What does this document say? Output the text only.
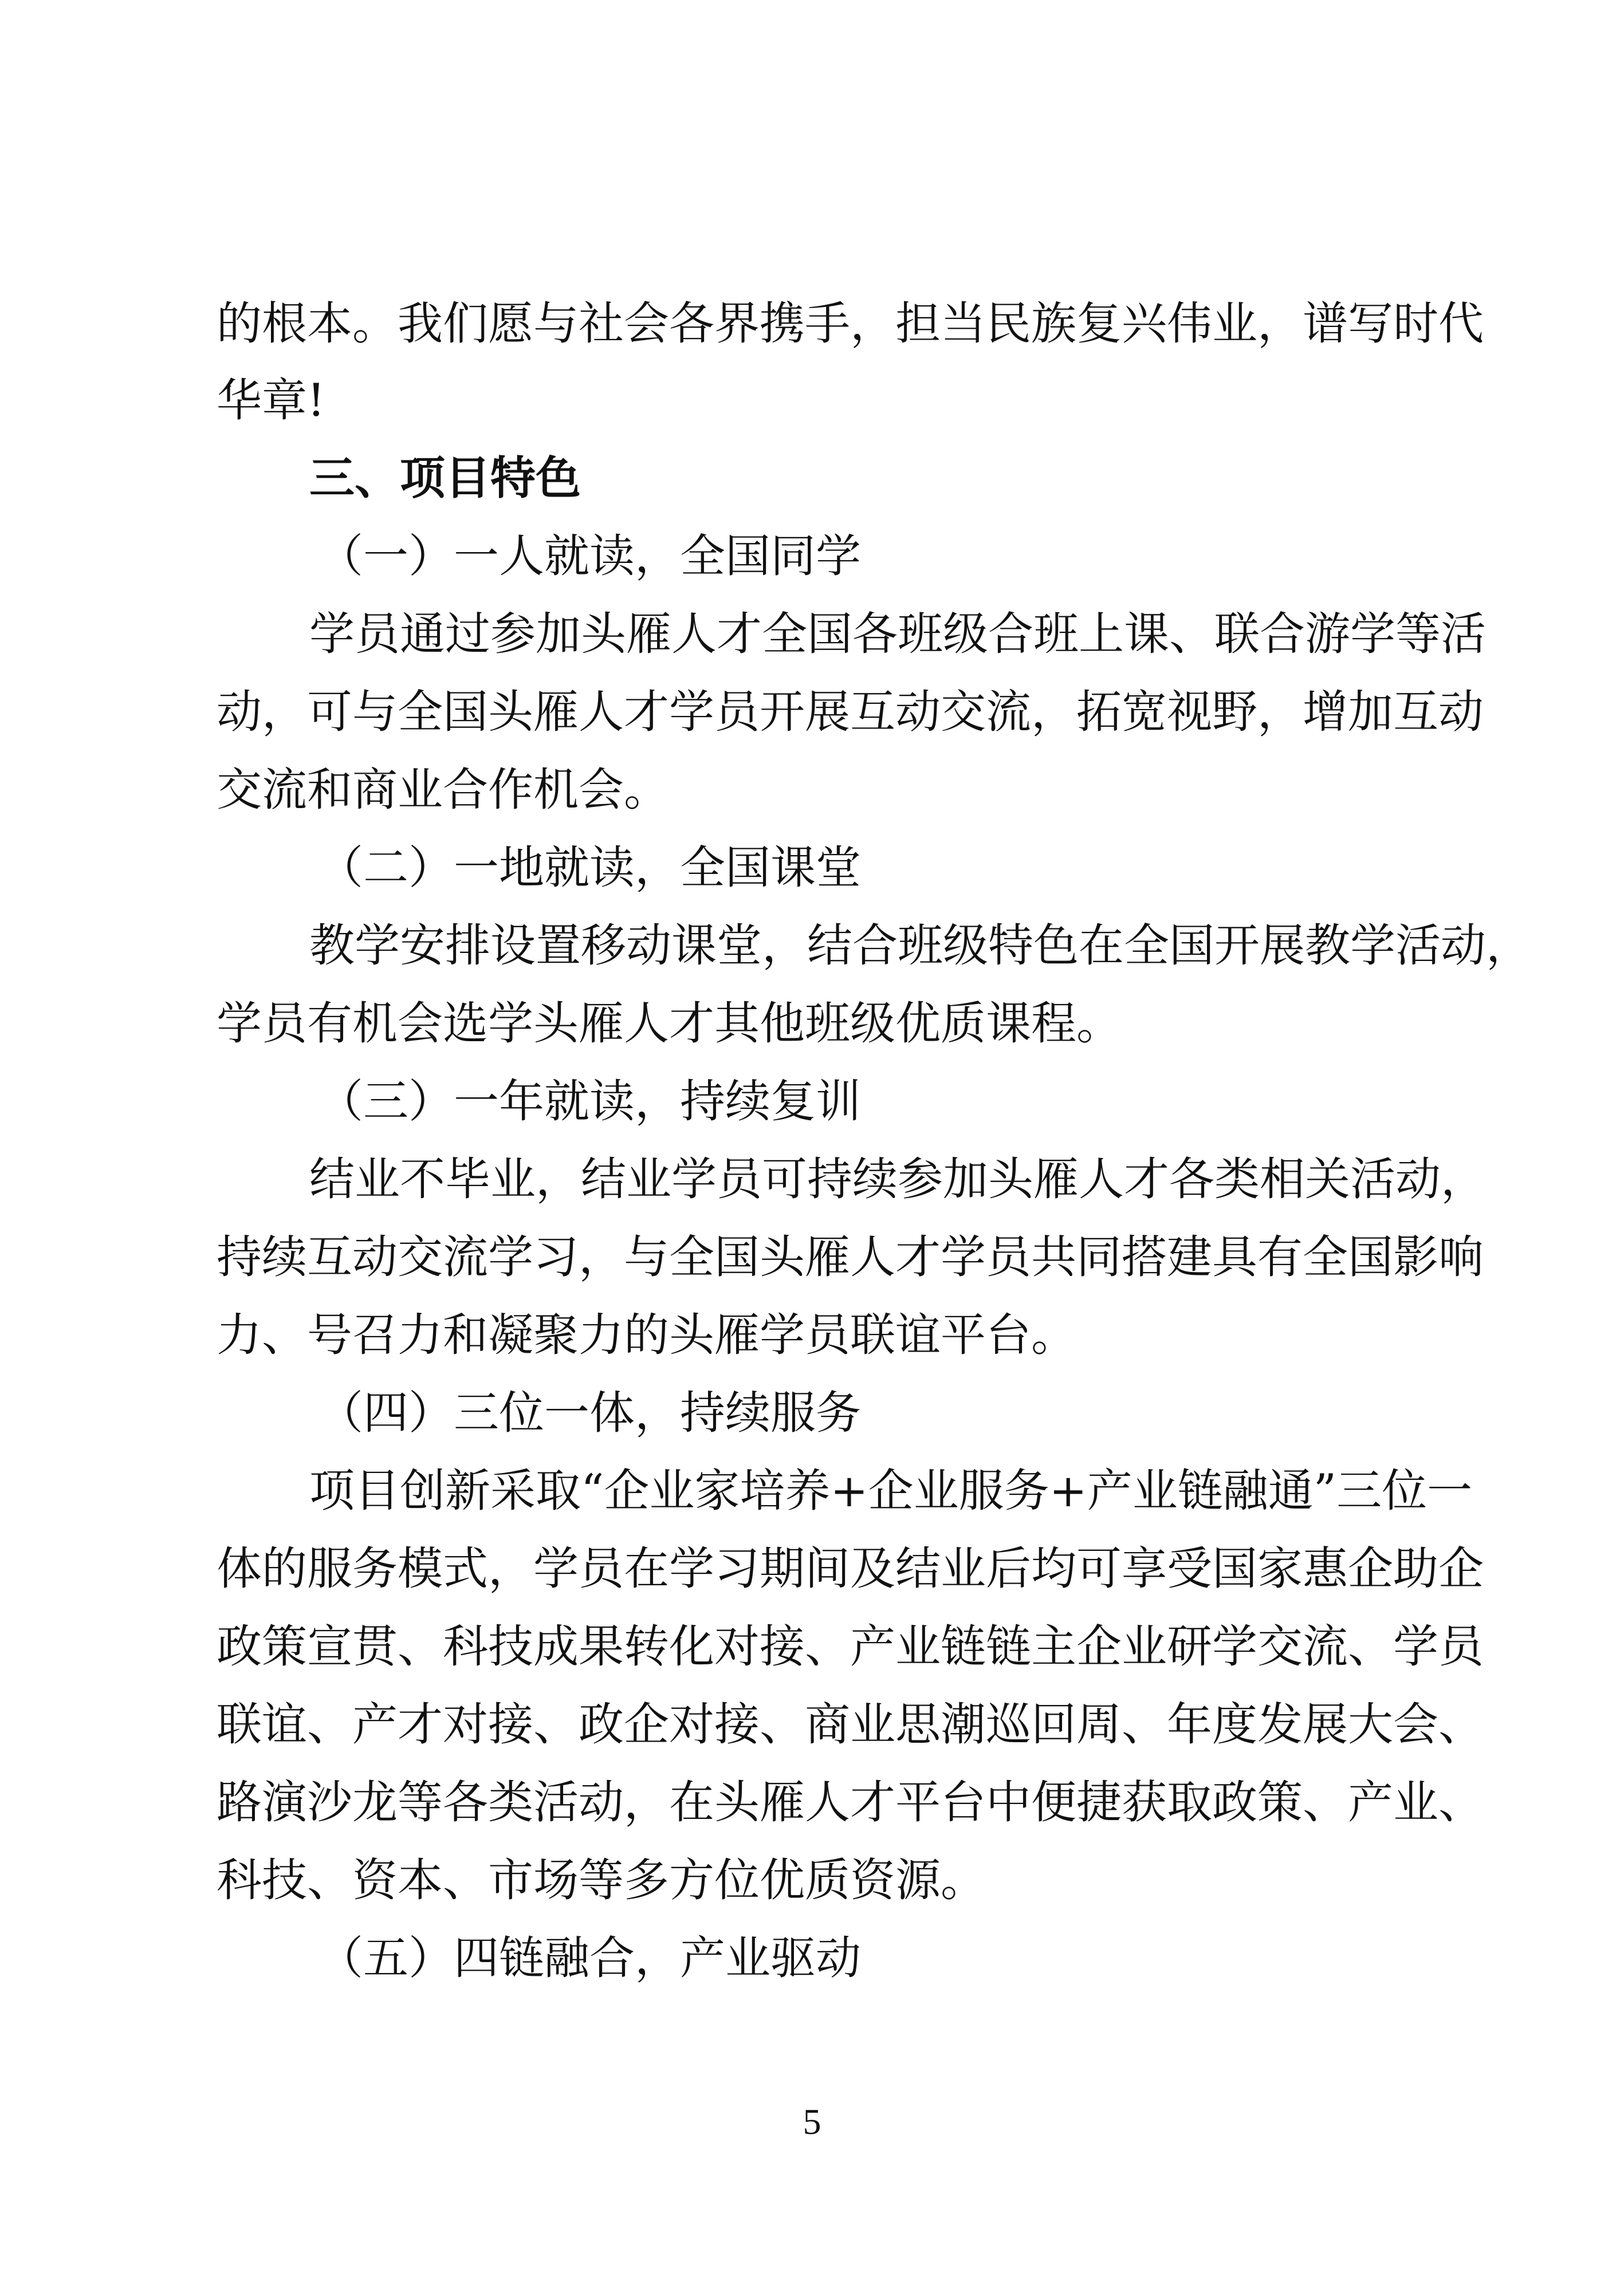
的根本。我们愿与社会各界携手，担当民族复兴伟业，谱写时代
华章!
三、项目特色
（一）一人就读，全国同学
学员通过参加头雁人才全国各班级合班上课、联合游学等活
动，可与全国头雁人才学员开展互动交流，拓宽视野，增加互动
交流和商业合作机会。
（二）一地就读，全国课堂
教学安排设置移动课堂，结合班级特色在全国开展教学活动，
学员有机会选学头雁人才其他班级优质课程。
（三）一年就读，持续复训
结业不毕业，结业学员可持续参加头雁人才各类相关活动，
持续互动交流学习，与全国头雁人才学员共同搭建具有全国影响
力、号召力和凝聚力的头雁学员联谊平台。
（四）三位一体，持续服务
项目创新采取“企业家培养+企业服务+产业链融通”三位一
体的服务模式，学员在学习期间及结业后均可享受国家惠企助企
政策宣贯、科技成果转化对接、产业链链主企业研学交流、学员
联谊、产才对接、政企对接、商业思潮巡回周、年度发展大会、
路演沙龙等各类活动，在头雁人才平台中便捷获取政策、产业、
科技、资本、市场等多方位优质资源。
（五）四链融合，产业驱动
5
